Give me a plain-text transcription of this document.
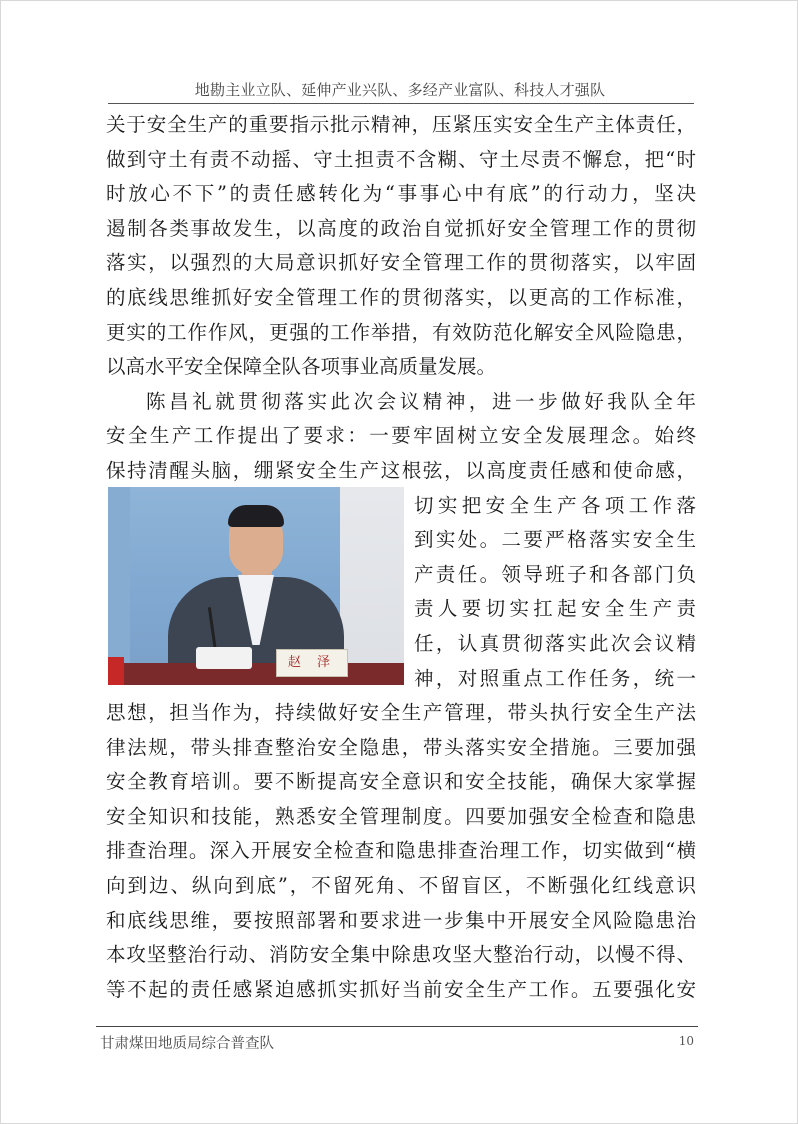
地勘主业立队、延伸产业兴队、多经产业富队、科技人才强队
关于安全生产的重要指示批示精神，压紧压实安全生产主体责任，
做到守土有责不动摇、守土担责不含糊、守土尽责不懈怠，把“时
时放心不下”的责任感转化为“事事心中有底”的行动力，坚决
遏制各类事故发生，以高度的政治自觉抓好安全管理工作的贯彻
落实，以强烈的大局意识抓好安全管理工作的贯彻落实，以牢固
的底线思维抓好安全管理工作的贯彻落实，以更高的工作标准，
更实的工作作风，更强的工作举措，有效防范化解安全风险隐患，
以高水平安全保障全队各项事业高质量发展。
陈昌礼就贯彻落实此次会议精神，进一步做好我队全年
安全生产工作提出了要求：一要牢固树立安全发展理念。始终
保持清醒头脑，绷紧安全生产这根弦，以高度责任感和使命感，
切实把安全生产各项工作落
到实处。二要严格落实安全生
产责任。领导班子和各部门负
责人要切实扛起安全生产责
任，认真贯彻落实此次会议精
神，对照重点工作任务，统一
思想，担当作为，持续做好安全生产管理，带头执行安全生产法
律法规，带头排查整治安全隐患，带头落实安全措施。三要加强
安全教育培训。要不断提高安全意识和安全技能，确保大家掌握
安全知识和技能，熟悉安全管理制度。四要加强安全检查和隐患
排查治理。深入开展安全检查和隐患排查治理工作，切实做到“横
向到边、纵向到底”，不留死角、不留盲区，不断强化红线意识
和底线思维，要按照部署和要求进一步集中开展安全风险隐患治
本攻坚整治行动、消防安全集中除患攻坚大整治行动，以慢不得、
等不起的责任感紧迫感抓实抓好当前安全生产工作。五要强化安
赵 泽
甘肃煤田地质局综合普查队	10
